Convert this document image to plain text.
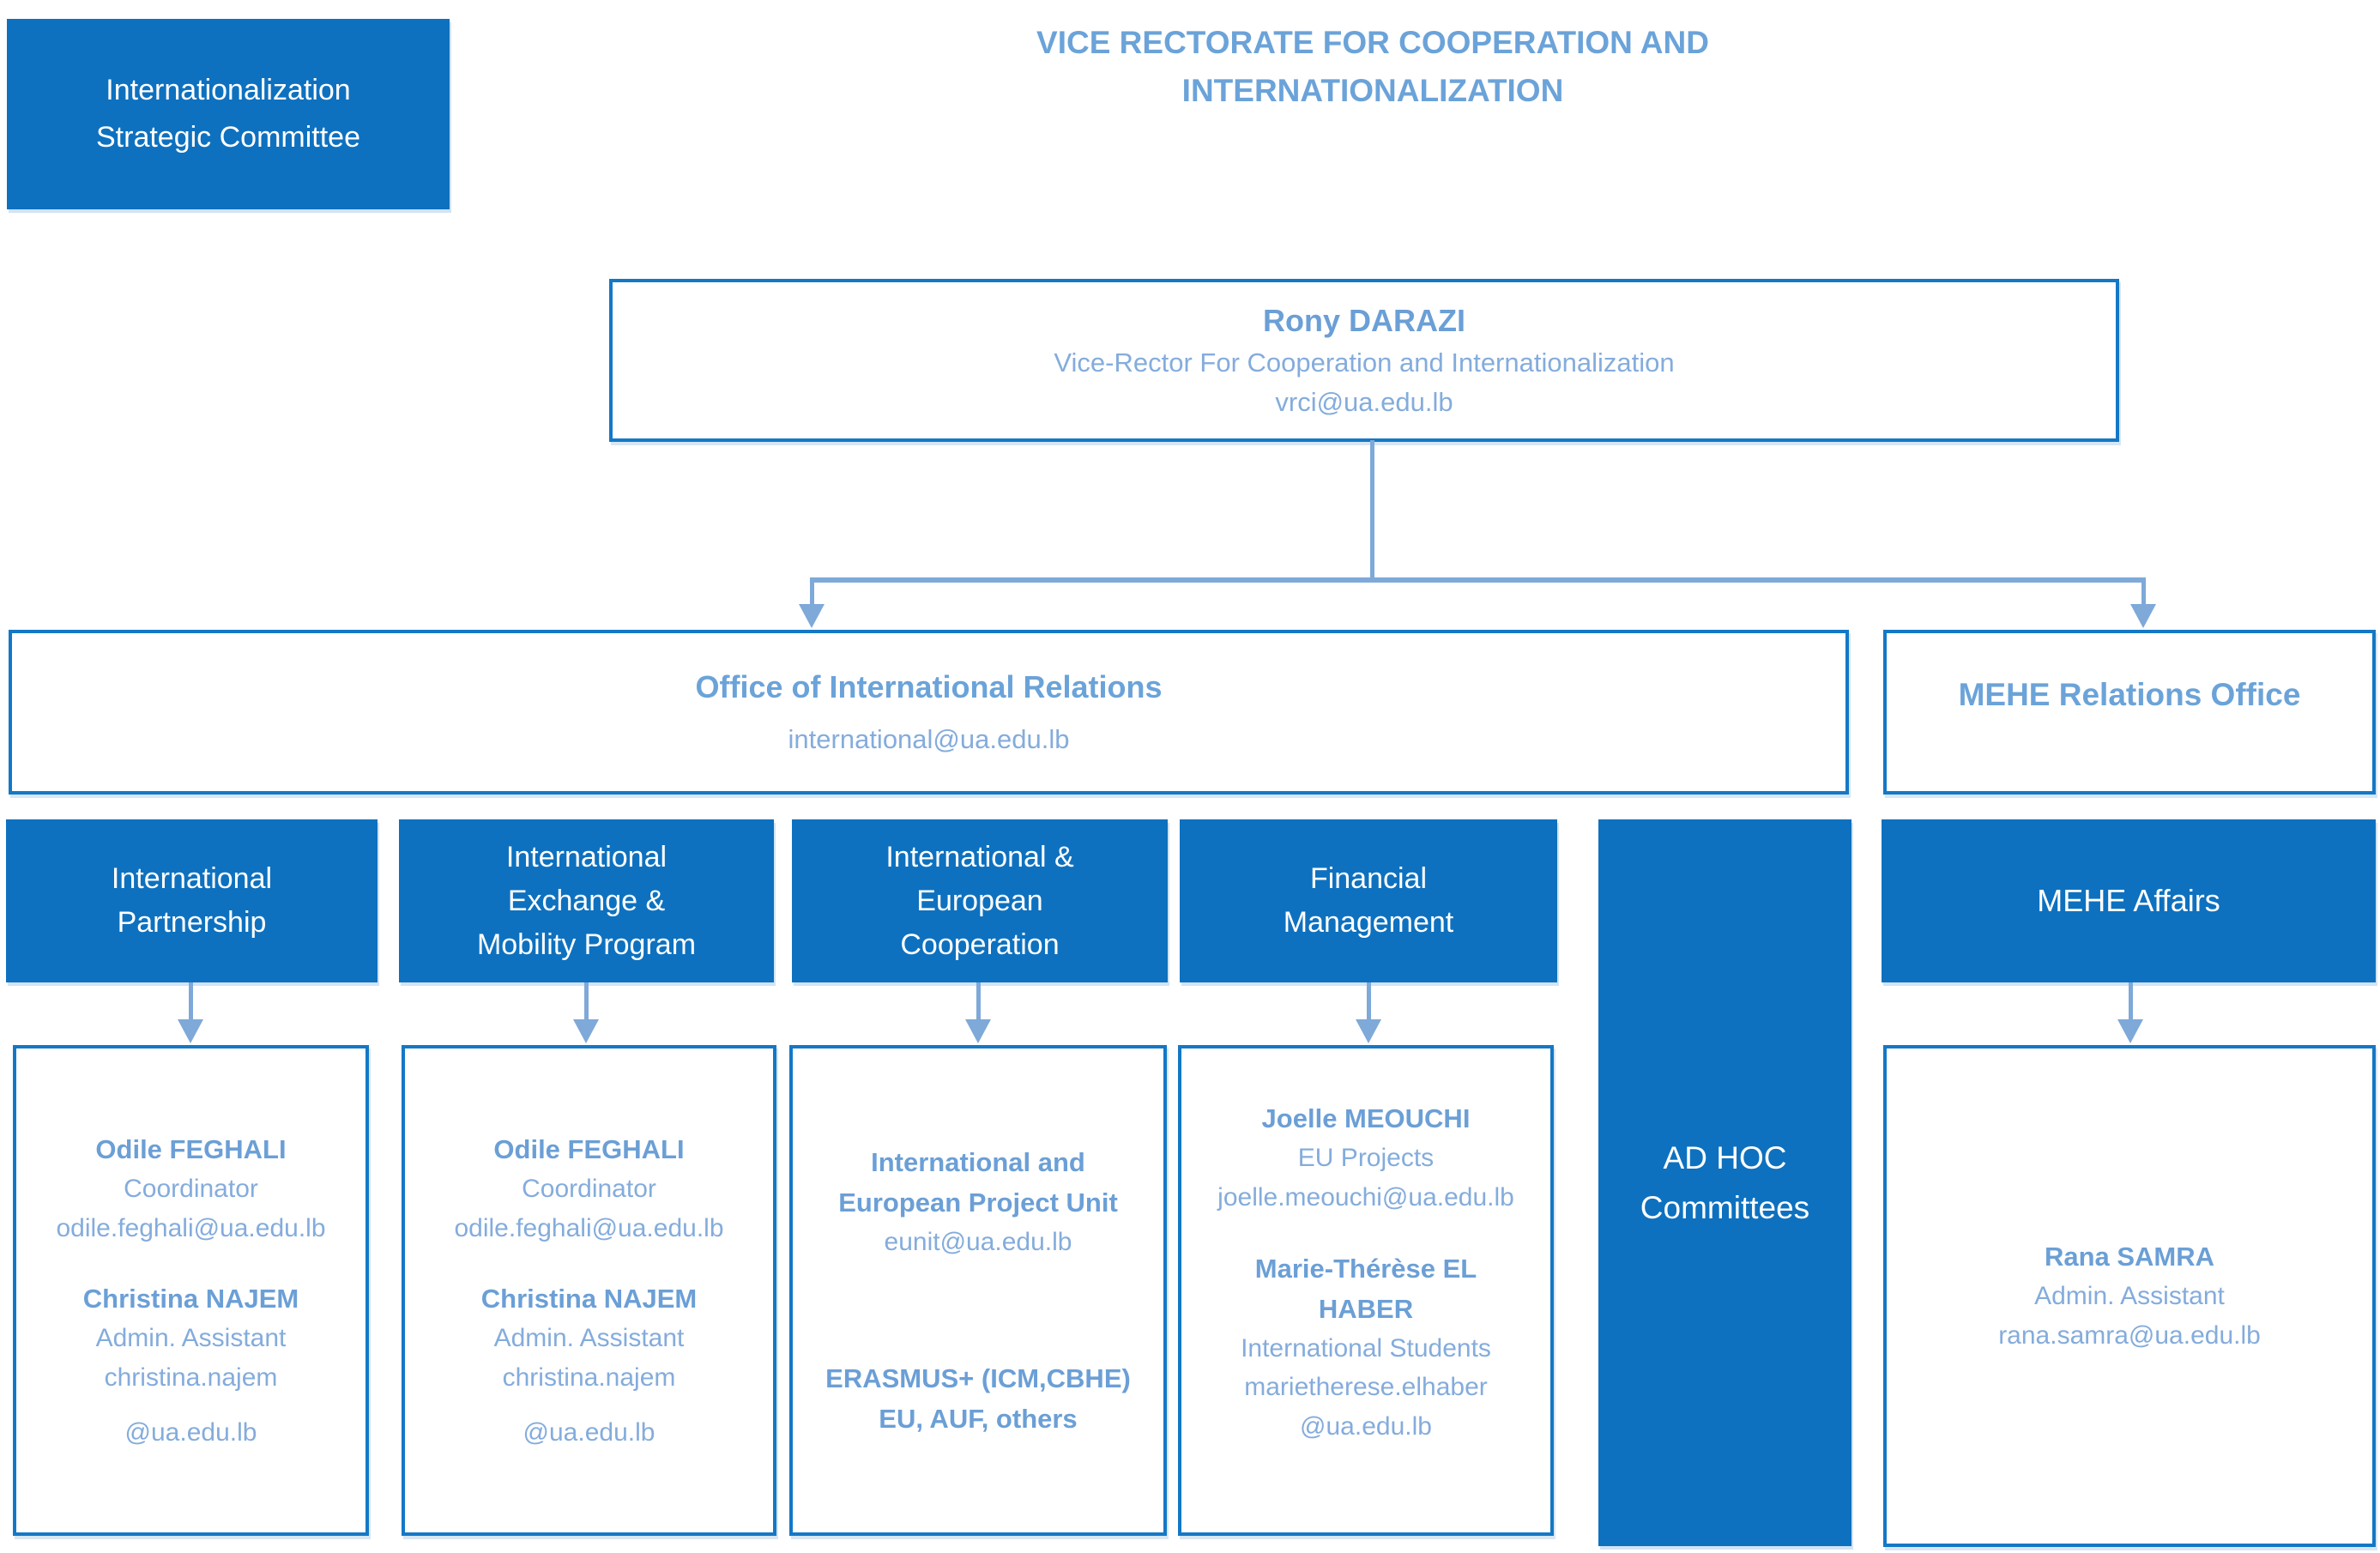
Internationalization
Strategic Committee
VICE RECTORATE FOR COOPERATION AND
INTERNATIONALIZATION
Rony DARAZI
Vice-Rector For Cooperation and Internationalization
vrci@ua.edu.lb
Office of International Relations
international@ua.edu.lb
MEHE Relations Office
International
Partnership
International
Exchange &
Mobility Program
International &
European
Cooperation
Financial
Management
AD HOC
Committees
MEHE Affairs
Odile FEGHALI
Coordinator
odile.feghali@ua.edu.lb
Christina NAJEM
Admin. Assistant
christina.najem
@ua.edu.lb
Odile FEGHALI
Coordinator
odile.feghali@ua.edu.lb
Christina NAJEM
Admin. Assistant
christina.najem
@ua.edu.lb
International and
European Project Unit
eunit@ua.edu.lb
ERASMUS+ (ICM,CBHE)
EU, AUF, others
Joelle MEOUCHI
EU Projects
joelle.meouchi@ua.edu.lb
Marie-Thérèse EL
HABER
International Students
marietherese.elhaber
@ua.edu.lb
Rana SAMRA
Admin. Assistant
rana.samra@ua.edu.lb
